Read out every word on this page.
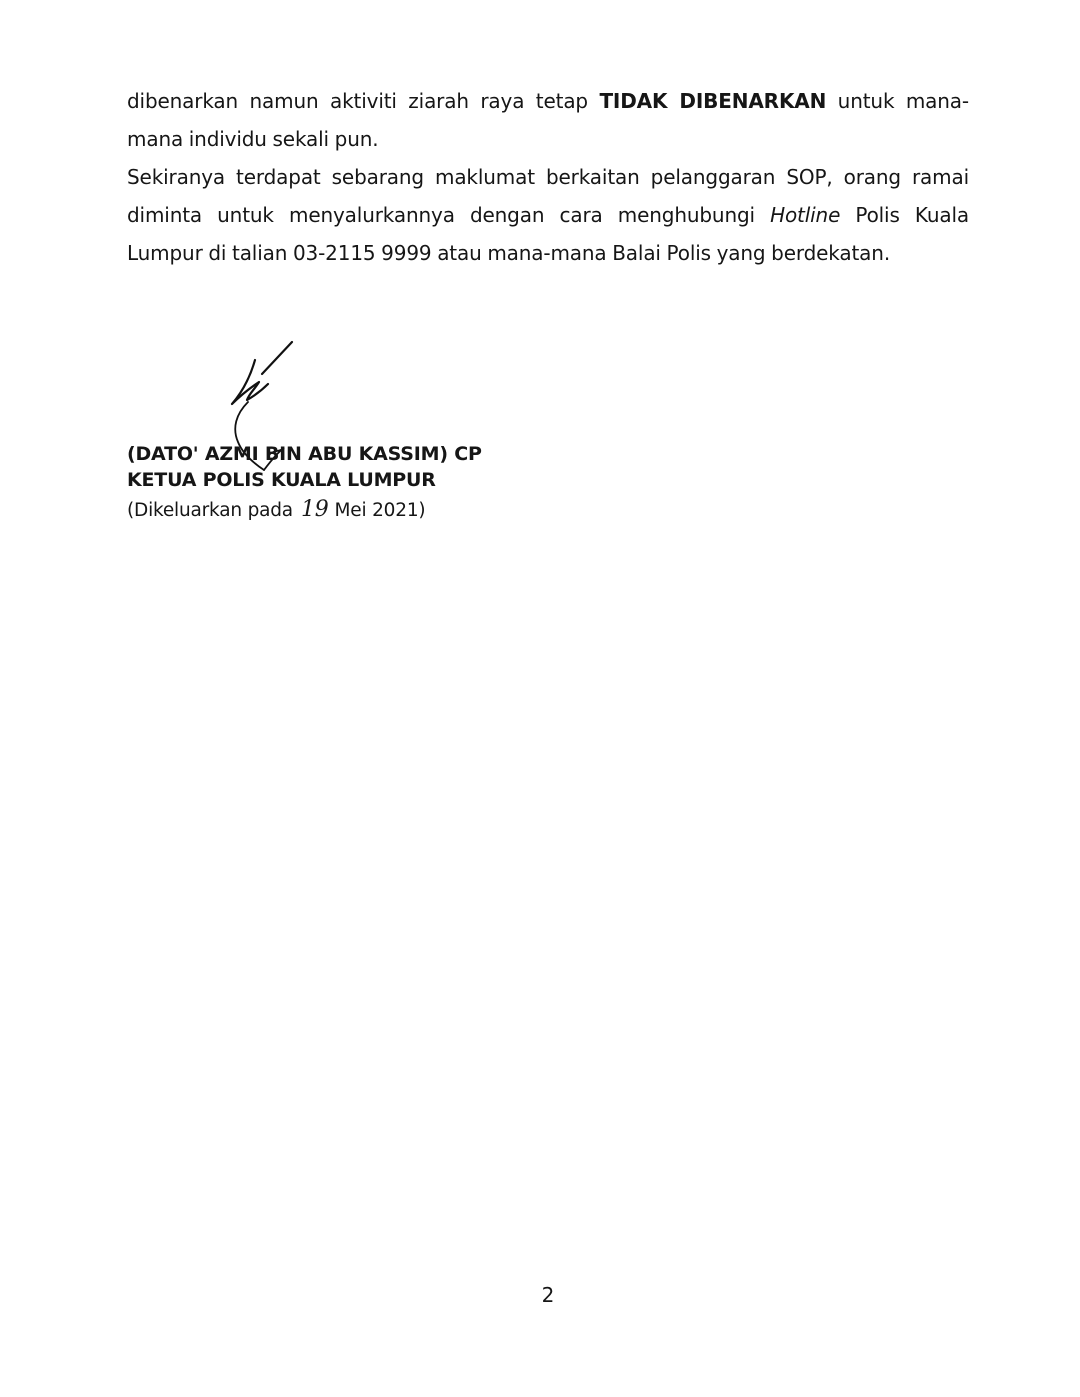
dibenarkan namun aktiviti ziarah raya tetap TIDAK DIBENARKAN untuk mana-mana individu sekali pun.

Sekiranya terdapat sebarang maklumat berkaitan pelanggaran SOP, orang ramai diminta untuk menyalurkannya dengan cara menghubungi Hotline Polis Kuala Lumpur di talian 03-2115 9999 atau mana-mana Balai Polis yang berdekatan.

(DATO' AZMI BIN ABU KASSIM) CP
KETUA POLIS KUALA LUMPUR
(Dikeluarkan pada 19 Mei 2021)
2
